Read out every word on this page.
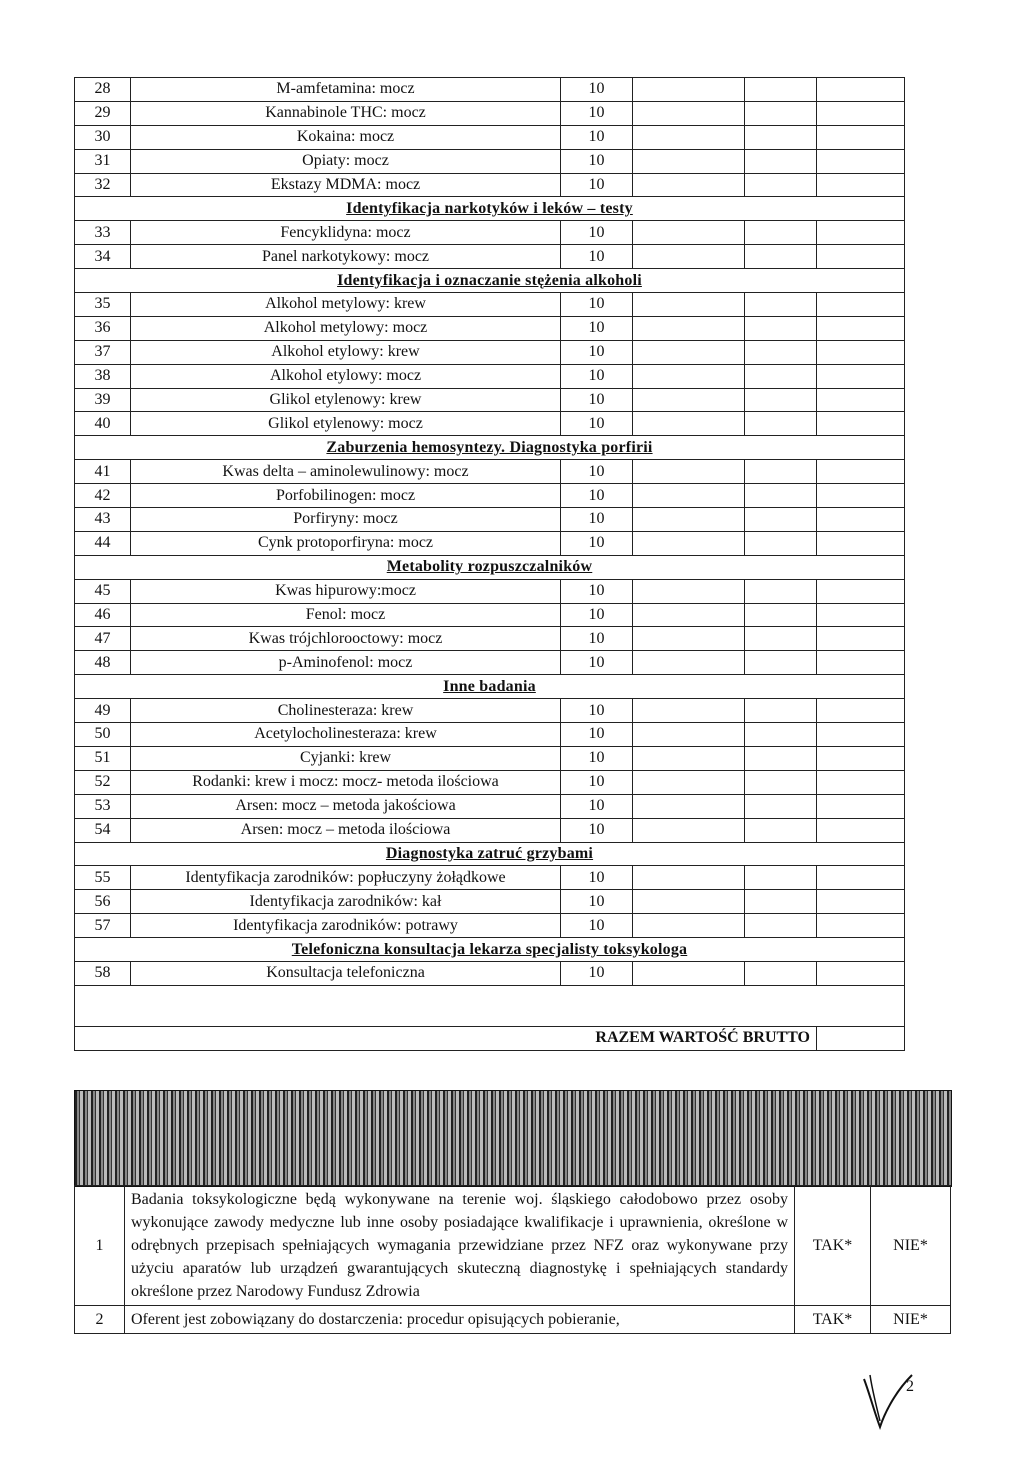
28	M-amfetamina: mocz	10			
29	Kannabinole THC: mocz	10			
30	Kokaina: mocz	10			
31	Opiaty: mocz	10			
32	Ekstazy MDMA: mocz	10			
Identyfikacja narkotyków i leków – testy					
33	Fencyklidyna: mocz	10			
34	Panel narkotykowy: mocz	10			
Identyfikacja i oznaczanie stężenia alkoholi					
35	Alkohol metylowy: krew	10			
36	Alkohol metylowy: mocz	10			
37	Alkohol etylowy: krew	10			
38	Alkohol etylowy: mocz	10			
39	Glikol etylenowy: krew	10			
40	Glikol etylenowy: mocz	10			
Zaburzenia hemosyntezy. Diagnostyka porfirii					
41	Kwas delta – aminolewulinowy: mocz	10			
42	Porfobilinogen: mocz	10			
43	Porfiryny: mocz	10			
44	Cynk protoporfiryna: mocz	10			
Metabolity rozpuszczalników					
45	Kwas hipurowy:mocz	10			
46	Fenol: mocz	10			
47	Kwas trójchlorooctowy: mocz	10			
48	p-Aminofenol: mocz	10			
Inne badania					
49	Cholinesteraza: krew	10			
50	Acetylocholinesteraza: krew	10			
51	Cyjanki: krew	10			
52	Rodanki: krew i mocz: mocz- metoda ilościowa	10			
53	Arsen: mocz – metoda jakościowa	10			
54	Arsen: mocz – metoda ilościowa	10			
Diagnostyka zatruć grzybami					
55	Identyfikacja zarodników: popłuczyny żołądkowe	10			
56	Identyfikacja zarodników: kał	10			
57	Identyfikacja zarodników: potrawy	10			
Telefoniczna konsultacja lekarza specjalisty toksykologa					
58	Konsultacja telefoniczna	10			

RAZEM WARTOŚĆ BRUTTO					
1	Badania toksykologiczne będą wykonywane na terenie woj. śląskiego całodobowo przez osoby wykonujące zawody medyczne lub inne osoby posiadające kwalifikacje i uprawnienia, określone w odrębnych przepisach spełniających wymagania przewidziane przez NFZ oraz wykonywane przy użyciu aparatów lub urządzeń gwarantujących skuteczną diagnostykę i spełniających standardy określone przez Narodowy Fundusz Zdrowia	TAK*	NIE*
2	Oferent jest zobowiązany do dostarczenia: procedur opisujących pobieranie,	TAK*	NIE*
2
